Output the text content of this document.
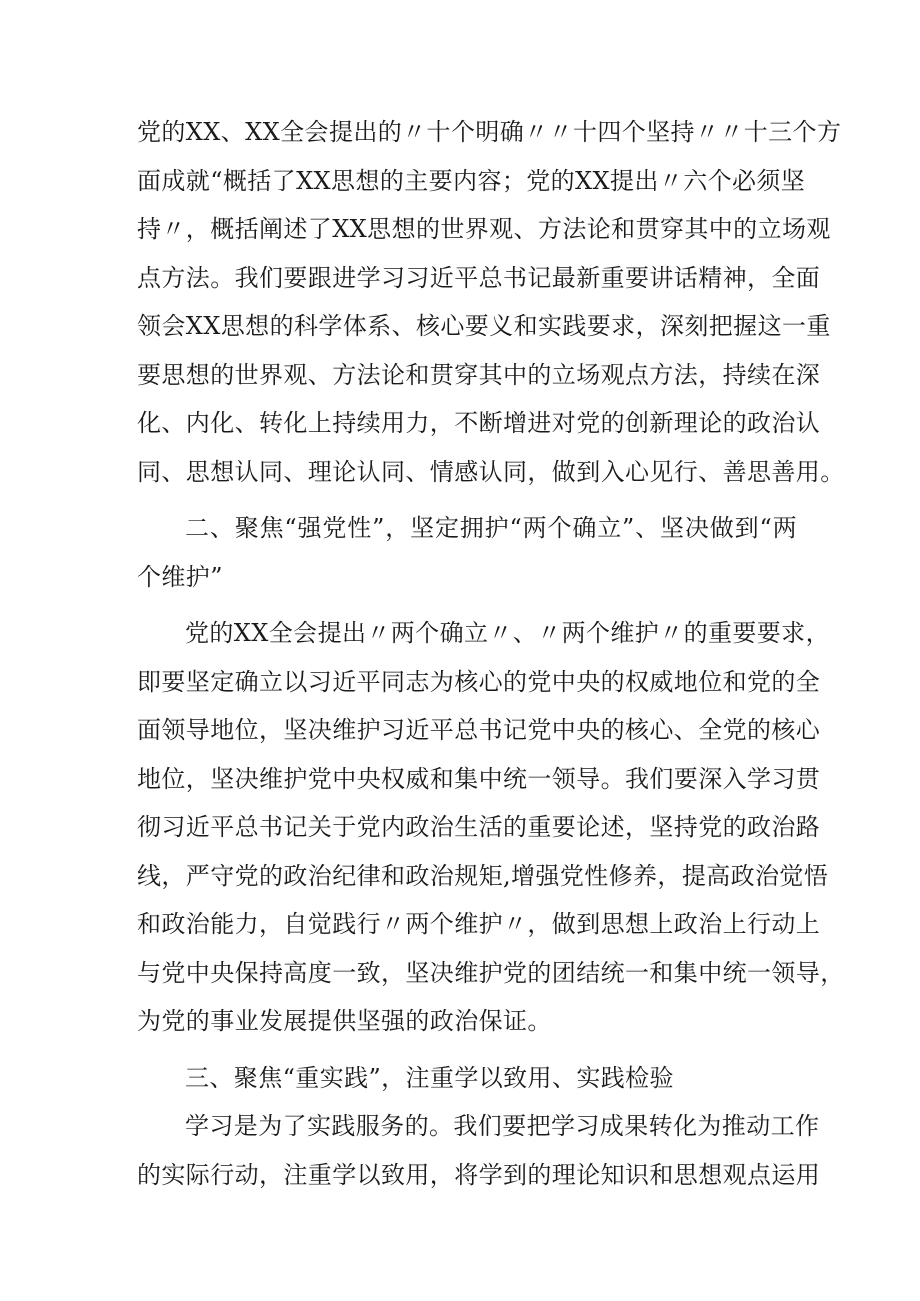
党的XX、XX全会提出的〃十个明确〃〃十四个坚持〃〃十三个方
面成就“概括了XX思想的主要内容；党的XX提出〃六个必须坚
持〃，概括阐述了XX思想的世界观、方法论和贯穿其中的立场观
点方法。我们要跟进学习习近平总书记最新重要讲话精神，全面
领会XX思想的科学体系、核心要义和实践要求，深刻把握这一重
要思想的世界观、方法论和贯穿其中的立场观点方法，持续在深
化、内化、转化上持续用力，不断增进对党的创新理论的政治认
同、思想认同、理论认同、情感认同，做到入心见行、善思善用。
二、聚焦“强党性”，坚定拥护“两个确立”、坚决做到“两
个维护”
党的XX全会提出〃两个确立〃、〃两个维护〃的重要要求，
即要坚定确立以习近平同志为核心的党中央的权威地位和党的全
面领导地位，坚决维护习近平总书记党中央的核心、全党的核心
地位，坚决维护党中央权威和集中统一领导。我们要深入学习贯
彻习近平总书记关于党内政治生活的重要论述，坚持党的政治路
线，严守党的政治纪律和政治规矩,增强党性修养，提高政治觉悟
和政治能力，自觉践行〃两个维护〃，做到思想上政治上行动上
与党中央保持高度一致，坚决维护党的团结统一和集中统一领导，
为党的事业发展提供坚强的政治保证。
三、聚焦“重实践”，注重学以致用、实践检验
学习是为了实践服务的。我们要把学习成果转化为推动工作
的实际行动，注重学以致用，将学到的理论知识和思想观点运用
